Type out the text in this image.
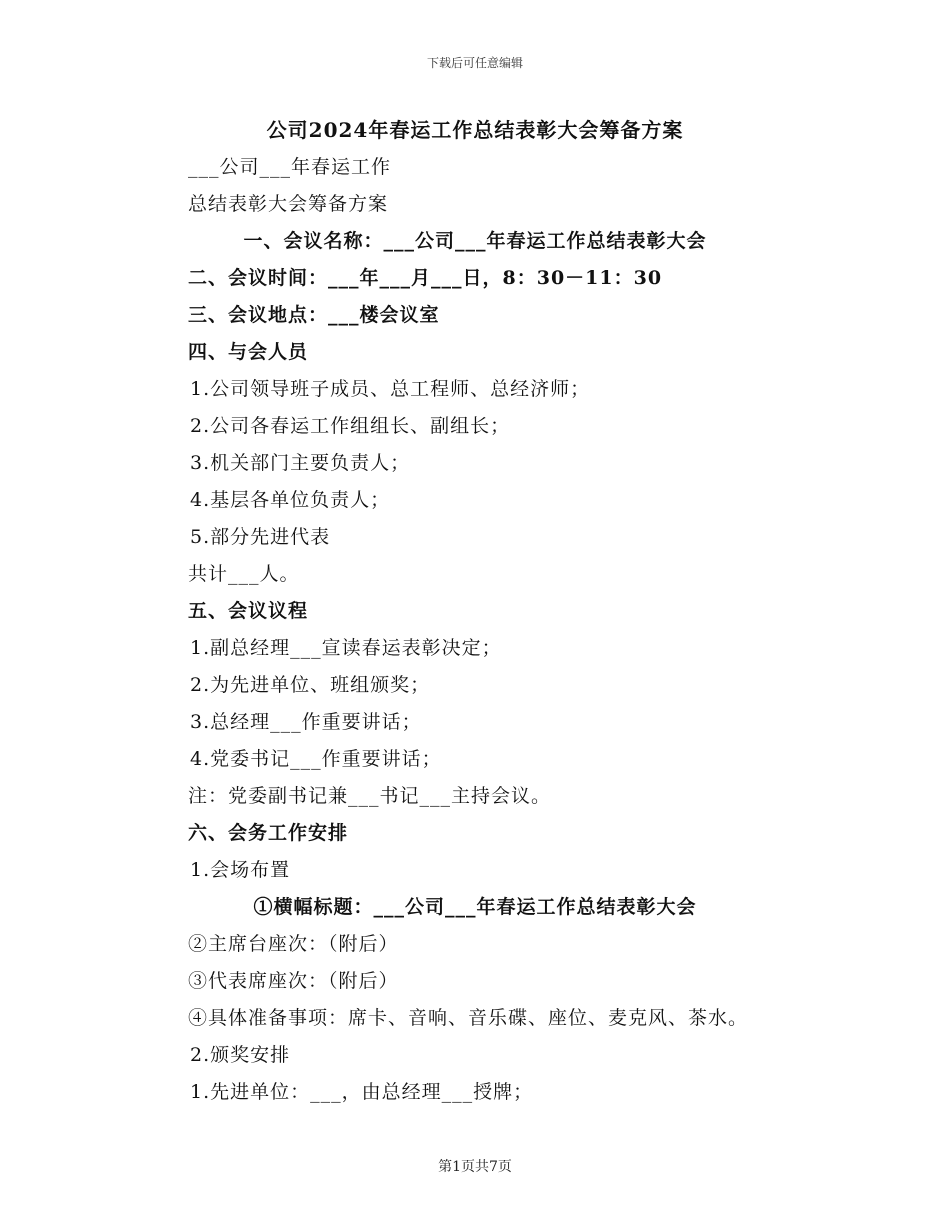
下载后可任意编辑
公司2024年春运工作总结表彰大会筹备方案
___公司___年春运工作
总结表彰大会筹备方案
一、会议名称：___公司___年春运工作总结表彰大会
二、会议时间：___年___月___日，8：30－11：30
三、会议地点：___楼会议室
四、与会人员
1.公司领导班子成员、总工程师、总经济师；
2.公司各春运工作组组长、副组长；
3.机关部门主要负责人；
4.基层各单位负责人；
5.部分先进代表
共计___人。
五、会议议程
1.副总经理___宣读春运表彰决定；
2.为先进单位、班组颁奖；
3.总经理___作重要讲话；
4.党委书记___作重要讲话；
注：党委副书记兼___书记___主持会议。
六、会务工作安排
1.会场布置
①横幅标题：___公司___年春运工作总结表彰大会
②主席台座次：（附后）
③代表席座次：（附后）
④具体准备事项：席卡、音响、音乐碟、座位、麦克风、茶水。
2.颁奖安排
1.先进单位：___，由总经理___授牌；
第1页共7页
